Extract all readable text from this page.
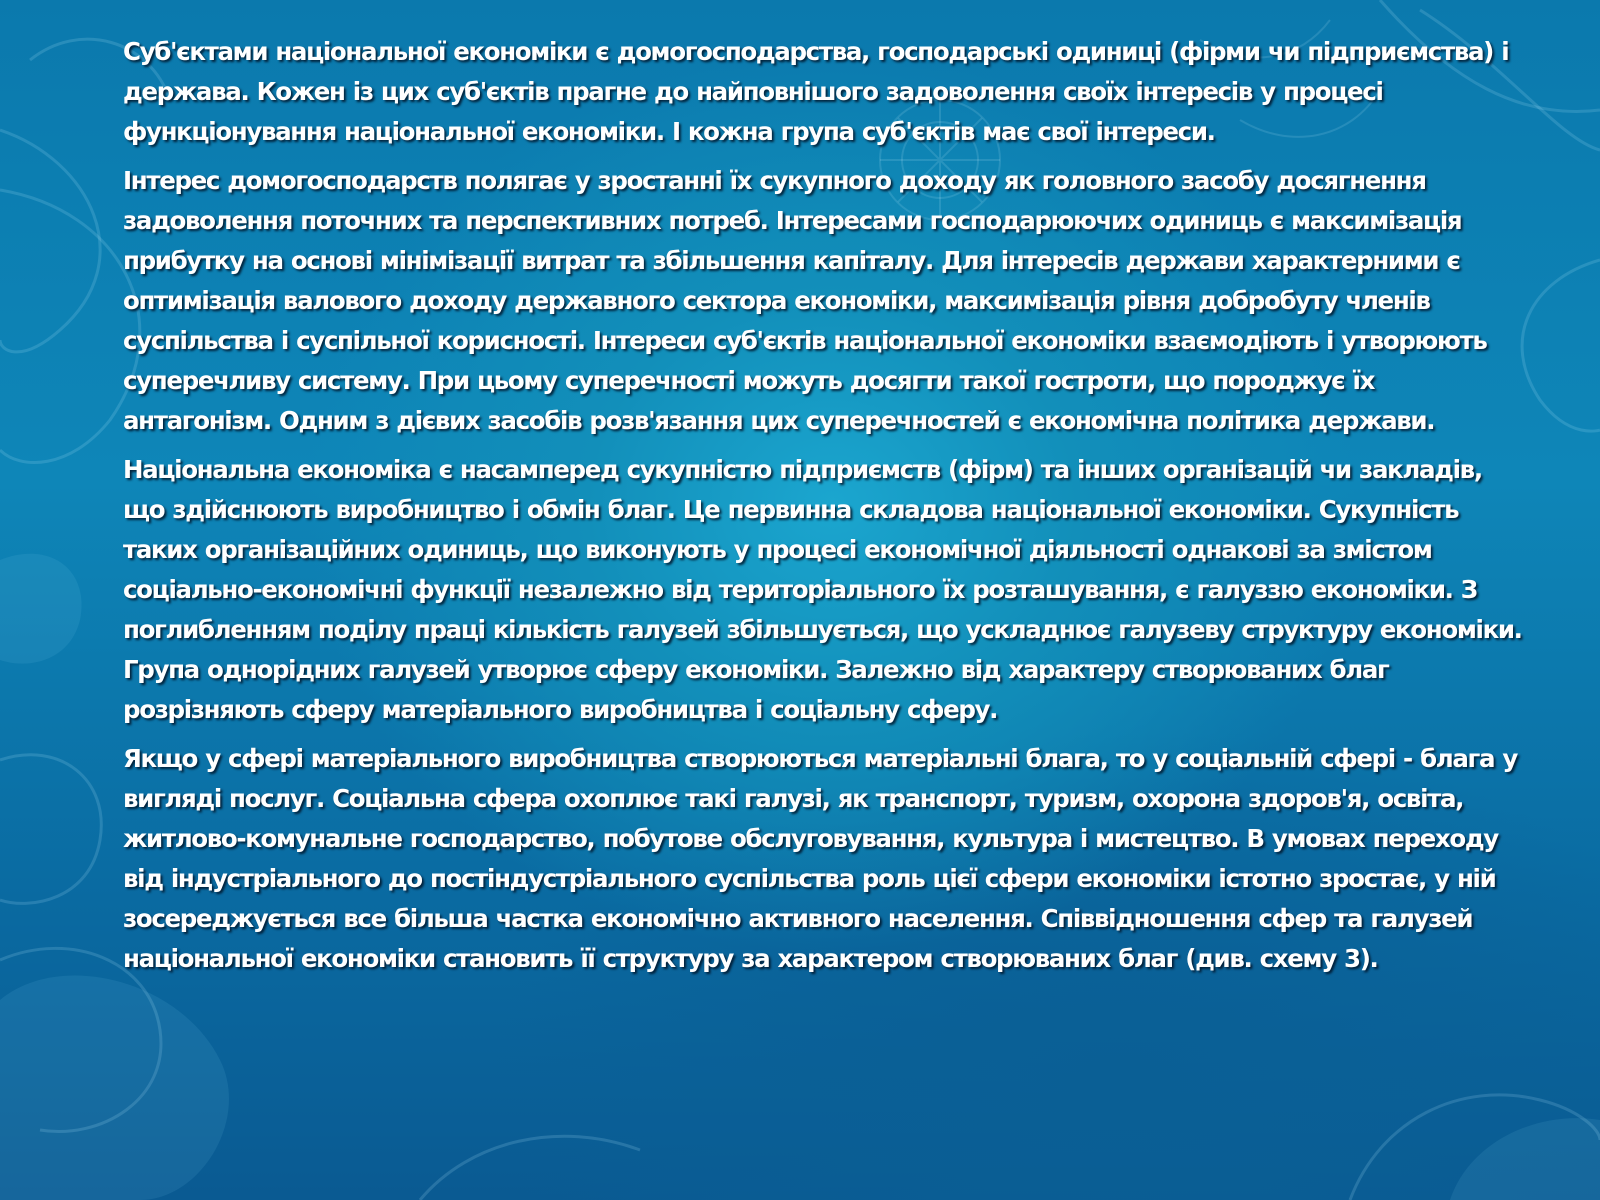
Суб'єктами національної економіки є домогосподарства, господарські одиниці (фірми чи підприємства) і держава. Кожен із цих суб'єктів прагне до найповнішого задоволення своїх інтересів у процесі функціонування національної економіки. І кожна група суб'єктів має свої інтереси.

Інтерес домогосподарств полягає у зростанні їх сукупного доходу як головного засобу досягнення задоволення поточних та перспективних потреб. Інтересами господарюючих одиниць є максимізація прибутку на основі мінімізації витрат та збільшення капіталу. Для інтересів держави характерними є оптимізація валового доходу державного сектора економіки, максимізація рівня добробуту членів суспільства і суспільної корисності. Інтереси суб'єктів національної економіки взаємодіють і утворюють суперечливу систему. При цьому суперечності можуть досягти такої гостроти, що породжує їх антагонізм. Одним з дієвих засобів розв'язання цих суперечностей є економічна політика держави.

Національна економіка є насамперед сукупністю підприємств (фірм) та інших організацій чи закладів, що здійснюють виробництво і обмін благ. Це первинна складова національної економіки. Сукупність таких організаційних одиниць, що виконують у процесі економічної діяльності однакові за змістом соціально-економічні функції незалежно від територіального їх розташування, є галуззю економіки. З поглибленням поділу праці кількість галузей збільшується, що ускладнює галузеву структуру економіки. Група однорідних галузей утворює сферу економіки. Залежно від характеру створюваних благ розрізняють сферу матеріального виробництва і соціальну сферу.

Якщо у сфері матеріального виробництва створюються матеріальні блага, то у соціальній сфері - блага у вигляді послуг. Соціальна сфера охоплює такі галузі, як транспорт, туризм, охорона здоров'я, освіта, житлово-комунальне господарство, побутове обслуговування, культура і мистецтво. В умовах переходу від індустріального до постіндустріального суспільства роль цієї сфери економіки істотно зростає, у ній зосереджується все більша частка економічно активного населення. Співвідношення сфер та галузей національної економіки становить її структуру за характером створюваних благ (див. схему 3).
